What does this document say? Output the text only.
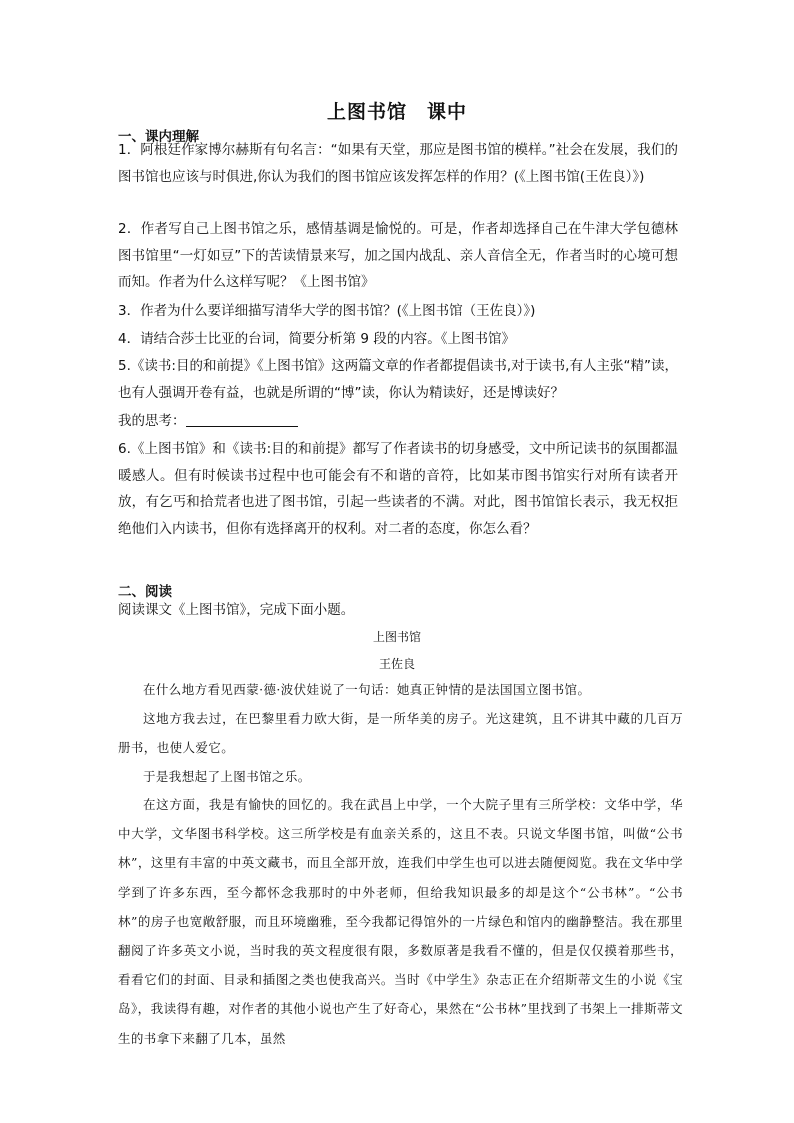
上图书馆　课中
一、课内理解
1．阿根廷作家博尔赫斯有句名言：“如果有天堂，那应是图书馆的模样。”社会在发展，我们的图书馆也应该与时俱进,你认为我们的图书馆应该发挥怎样的作用？(《上图书馆(王佐良）》)
2．作者写自己上图书馆之乐，感情基调是愉悦的。可是，作者却选择自己在牛津大学包德林图书馆里“一灯如豆”下的苦读情景来写，加之国内战乱、亲人音信全无，作者当时的心境可想而知。作者为什么这样写呢？《上图书馆》
3．作者为什么要详细描写清华大学的图书馆？(《上图书馆（王佐良）》)
4．请结合莎士比亚的台词，简要分析第 9 段的内容。《上图书馆》
5.《读书:目的和前提》《上图书馆》这两篇文章的作者都提倡读书,对于读书,有人主张“精”读，也有人强调开卷有益，也就是所谓的“博”读，你认为精读好，还是博读好？
我的思考：
6.《上图书馆》和《读书:目的和前提》都写了作者读书的切身感受，文中所记读书的氛围都温暖感人。但有时候读书过程中也可能会有不和谐的音符，比如某市图书馆实行对所有读者开放，有乞丐和拾荒者也进了图书馆，引起一些读者的不满。对此，图书馆馆长表示，我无权拒绝他们入内读书，但你有选择离开的权利。对二者的态度，你怎么看？
二、阅读
阅读课文《上图书馆》，完成下面小题。
上图书馆
王佐良
在什么地方看见西蒙·德·波伏娃说了一句话：她真正钟情的是法国国立图书馆。
这地方我去过，在巴黎里看力欧大街，是一所华美的房子。光这建筑，且不讲其中藏的几百万册书，也使人爱它。
于是我想起了上图书馆之乐。
在这方面，我是有愉快的回忆的。我在武昌上中学，一个大院子里有三所学校：文华中学，华中大学，文华图书科学校。这三所学校是有血亲关系的，这且不表。只说文华图书馆，叫做“公书林”，这里有丰富的中英文藏书，而且全部开放，连我们中学生也可以进去随便阅览。我在文华中学学到了许多东西，至今都怀念我那时的中外老师，但给我知识最多的却是这个“公书林”。“公书林”的房子也宽敞舒服，而且环境幽雅，至今我都记得馆外的一片绿色和馆内的幽静整洁。我在那里翻阅了许多英文小说，当时我的英文程度很有限，多数原著是我看不懂的，但是仅仅摸着那些书，看看它们的封面、目录和插图之类也使我高兴。当时《中学生》杂志正在介绍斯蒂文生的小说《宝岛》，我读得有趣，对作者的其他小说也产生了好奇心，果然在“公书林”里找到了书架上一排斯蒂文生的书拿下来翻了几本，虽然
